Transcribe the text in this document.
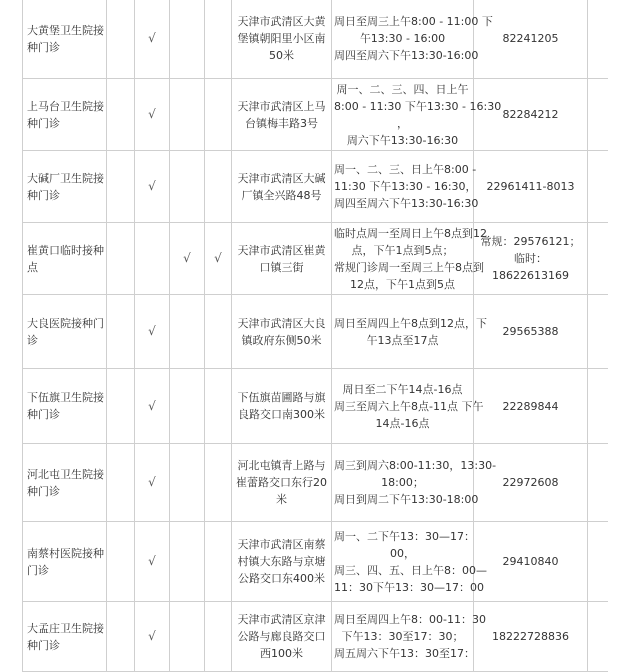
大黄堡卫生院接种门诊		√			天津市武清区大黄堡镇朝阳里小区南50米	周日至周三上午8:00 - 11:00 下
午13:30 - 16:00
周四至周六下午13:30-16:00	82241205	
上马台卫生院接种门诊		√			天津市武清区上马台镇梅丰路3号	周一、二、三、四、日上午
8:00 - 11:30 下午13:30 - 16:30
，
周六下午13:30-16:30	82284212	
大碱厂卫生院接种门诊		√			天津市武清区大碱厂镇全兴路48号	周一、二、三、日上午8:00 -
11:30 下午13:30 - 16:30，
周四至周六下午13:30-16:30	22961411-8013	
崔黄口临时接种点			√	√	天津市武清区崔黄口镇三街	临时点周一至周日上午8点到12
点，下午1点到5点；
常规门诊周一至周三上午8点到
12点，下午1点到5点	常规：29576121；临时：18622613169	
大良医院接种门诊		√			天津市武清区大良镇政府东侧50米	周日至周四上午8点到12点，下
午13点至17点	29565388	
下伍旗卫生院接种门诊		√			下伍旗苗圃路与旗良路交口南300米	周日至二下午14点-16点
周三至周六上午8点-11点 下午
14点-16点	22289844	
河北屯卫生院接种门诊		√			河北屯镇青上路与崔蕾路交口东行20米	周三到周六8:00-11:30，13:30-
18:00；
周日到周二下午13:30-18:00	22972608	
南蔡村医院接种门诊		√			天津市武清区南蔡村镇大东路与京塘公路交口东400米	周一、二下午13：30—17：
00，
周三、四、五、日上午8：00—
11：30下午13：30—17：00	29410840	
大孟庄卫生院接种门诊		√			天津市武清区京津公路与廊良路交口西100米	周日至周四上午8：00-11：30
下午13：30至17：30；
周五周六下午13：30至17：	18222728836	
